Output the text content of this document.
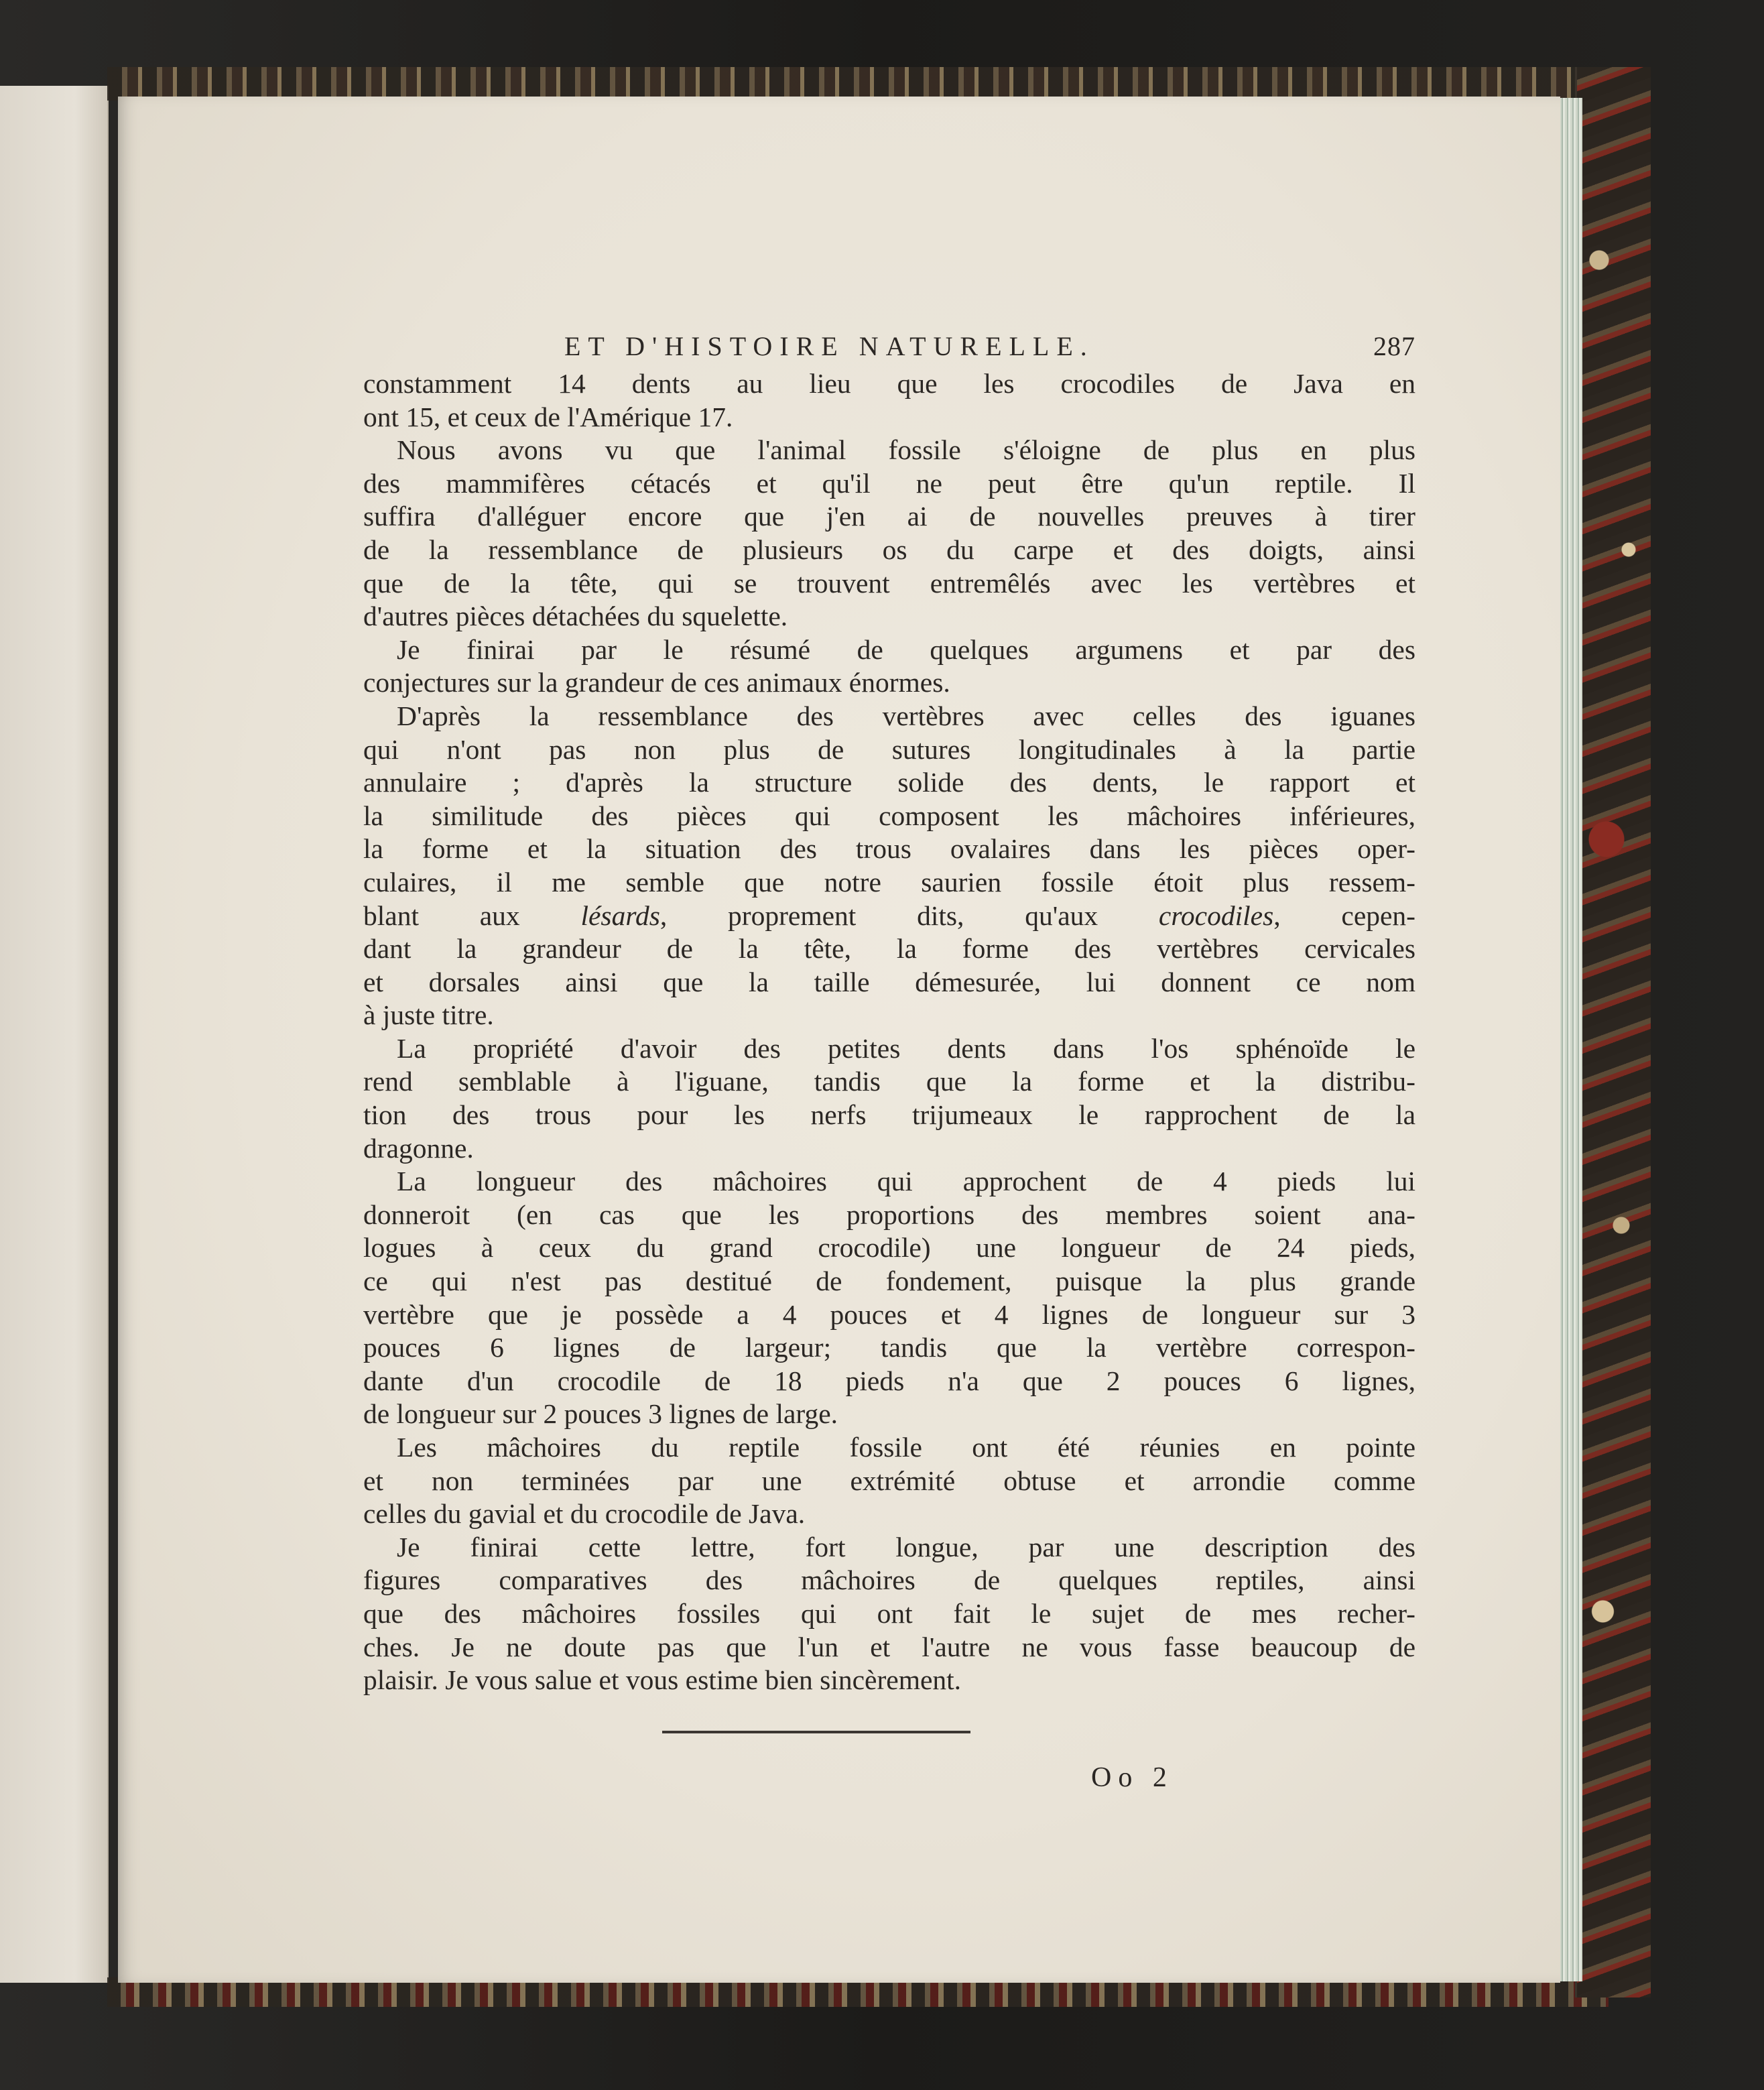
ET D'HISTOIRE NATURELLE.	287
constamment 14 dents au lieu que les crocodiles de Java en
ont 15, et ceux de l'Amérique 17.
Nous avons vu que l'animal fossile s'éloigne de plus en plus
des mammifères cétacés et qu'il ne peut être qu'un reptile. Il
suffira d'alléguer encore que j'en ai de nouvelles preuves à tirer
de la ressemblance de plusieurs os du carpe et des doigts, ainsi
que de la tête, qui se trouvent entremêlés avec les vertèbres et
d'autres pièces détachées du squelette.
Je finirai par le résumé de quelques argumens et par des
conjectures sur la grandeur de ces animaux énormes.
D'après la ressemblance des vertèbres avec celles des iguanes
qui n'ont pas non plus de sutures longitudinales à la partie
annulaire ; d'après la structure solide des dents, le rapport et
la similitude des pièces qui composent les mâchoires inférieures,
la forme et la situation des trous ovalaires dans les pièces oper-
culaires, il me semble que notre saurien fossile étoit plus ressem-
blant aux lésards, proprement dits, qu'aux crocodiles, cepen-
dant la grandeur de la tête, la forme des vertèbres cervicales
et dorsales ainsi que la taille démesurée, lui donnent ce nom
à juste titre.
La propriété d'avoir des petites dents dans l'os sphénoïde le
rend semblable à l'iguane, tandis que la forme et la distribu-
tion des trous pour les nerfs trijumeaux le rapprochent de la
dragonne.
La longueur des mâchoires qui approchent de 4 pieds lui
donneroit (en cas que les proportions des membres soient ana-
logues à ceux du grand crocodile) une longueur de 24 pieds,
ce qui n'est pas destitué de fondement, puisque la plus grande
vertèbre que je possède a 4 pouces et 4 lignes de longueur sur 3
pouces 6 lignes de largeur; tandis que la vertèbre correspon-
dante d'un crocodile de 18 pieds n'a que 2 pouces 6 lignes,
de longueur sur 2 pouces 3 lignes de large.
Les mâchoires du reptile fossile ont été réunies en pointe
et non terminées par une extrémité obtuse et arrondie comme
celles du gavial et du crocodile de Java.
Je finirai cette lettre, fort longue, par une description des
figures comparatives des mâchoires de quelques reptiles, ainsi
que des mâchoires fossiles qui ont fait le sujet de mes recher-
ches. Je ne doute pas que l'un et l'autre ne vous fasse beaucoup de
plaisir. Je vous salue et vous estime bien sincèrement.
Oo 2
